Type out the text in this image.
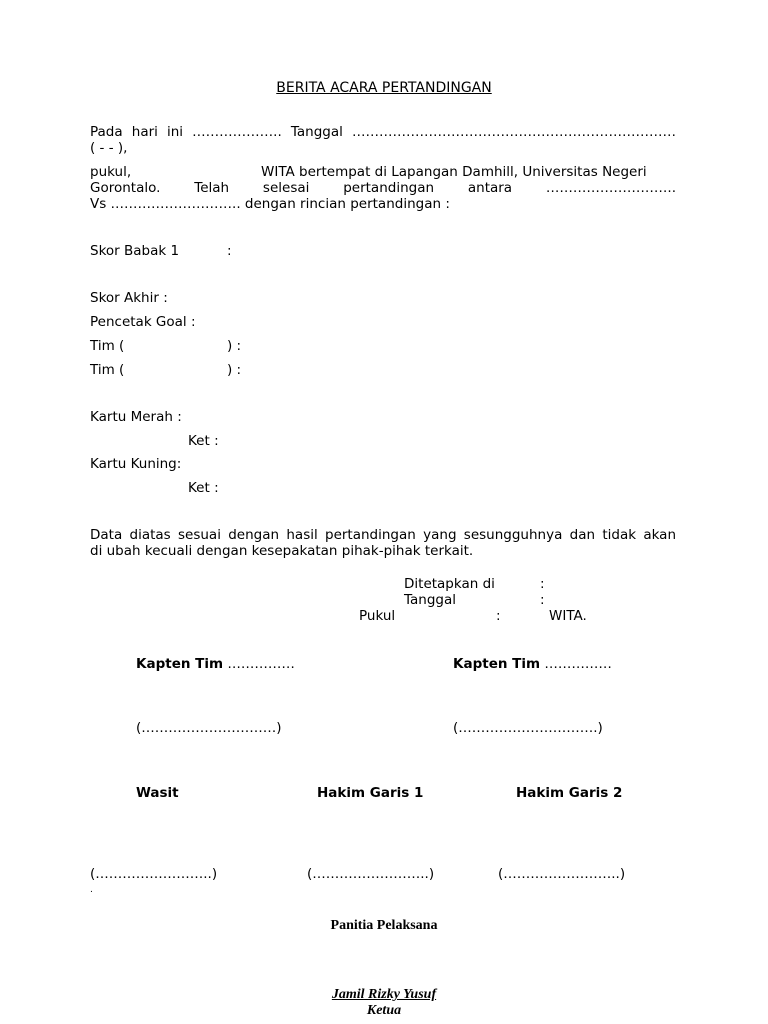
BERITA ACARA PERTANDINGAN
Pada hari ini ……………….. Tanggal ………………………………………………………………
( - - ),
pukul,	WITA bertempat di Lapangan Damhill, Universitas Negeri
Gorontalo. Telah selesai pertandingan antara ………………………..
Vs ……………………….. dengan rincian pertandingan :
Skor Babak 1	:
Skor Akhir :
Pencetak Goal :
Tim (	) :
Tim (	) :
Kartu Merah :
Ket :
Kartu Kuning:
Ket :
Data diatas sesuai dengan hasil pertandingan yang sesungguhnya dan tidak akan
di ubah kecuali dengan kesepakatan pihak-pihak terkait.
Ditetapkan di	:
Tanggal	:
Pukul	:	WITA.
Kapten Tim ……………	Kapten Tim ……………
(…………………………)	(………………………….)
Wasit	Hakim Garis 1	Hakim Garis 2
(……………………..)	(……………………..)	(……………………..)
.
Panitia Pelaksana
Jamil Rizky Yusuf
Ketua
